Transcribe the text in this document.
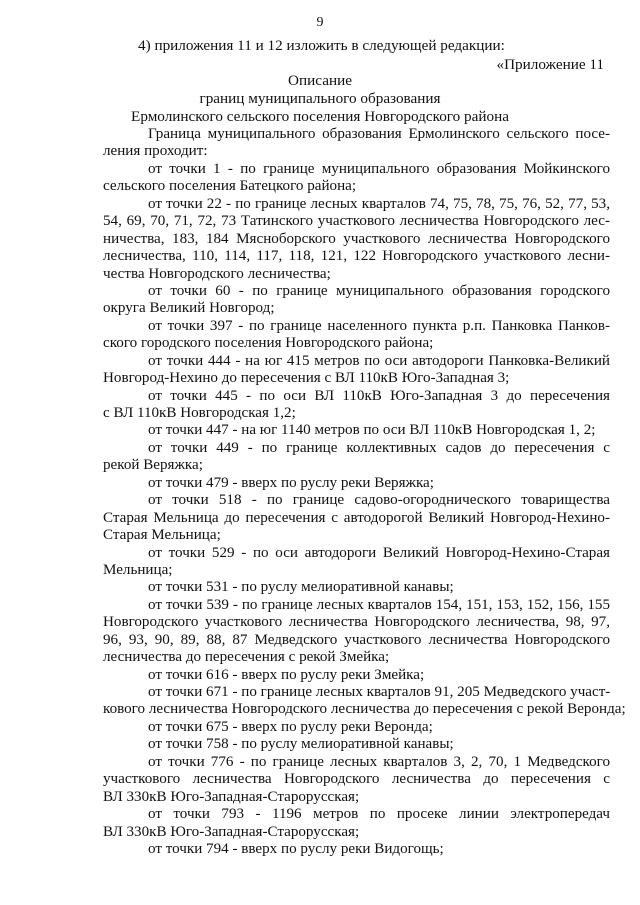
9
4) приложения 11 и 12 изложить в следующей редакции:
«Приложение 11
Описание
границ муниципального образования
Ермолинского сельского поселения Новгородского района
Граница муниципального образования Ермолинского сельского посе-
ления проходит:
от точки 1 - по границе муниципального образования Мойкинского
сельского поселения Батецкого района;
от точки 22 - по границе лесных кварталов 74, 75, 78, 75, 76, 52, 77, 53,
54, 69, 70, 71, 72, 73 Татинского участкового лесничества Новгородского лес-
ничества, 183, 184 Мясноборского участкового лесничества Новгородского
лесничества, 110, 114, 117, 118, 121, 122 Новгородского участкового лесни-
чества Новгородского лесничества;
от точки 60 - по границе муниципального образования городского
округа Великий Новгород;
от точки 397 - по границе населенного пункта р.п. Панковка Панков-
ского городского поселения Новгородского района;
от точки 444 - на юг 415 метров по оси автодороги Панковка-Великий
Новгород-Нехино до пересечения с ВЛ 110кВ Юго-Западная 3;
от точки 445 - по оси ВЛ 110кВ Юго-Западная 3 до пересечения
с ВЛ 110кВ Новгородская 1,2;
от точки 447 - на юг 1140 метров по оси ВЛ 110кВ Новгородская 1, 2;
от точки 449 - по границе коллективных садов до пересечения с
рекой Веряжка;
от точки 479 - вверх по руслу реки Веряжка;
от точки 518 - по границе садово-огороднического товарищества
Старая Мельница до пересечения с автодорогой Великий Новгород-Нехино-
Старая Мельница;
от точки 529 - по оси автодороги Великий Новгород-Нехино-Старая
Мельница;
от точки 531 - по руслу мелиоративной канавы;
от точки 539 - по границе лесных кварталов 154, 151, 153, 152, 156, 155
Новгородского участкового лесничества Новгородского лесничества, 98, 97,
96, 93, 90, 89, 88, 87 Медведского участкового лесничества Новгородского
лесничества до пересечения с рекой Змейка;
от точки 616 - вверх по руслу реки Змейка;
от точки 671 - по границе лесных кварталов 91, 205 Медведского участ-
кового лесничества Новгородского лесничества до пересечения с рекой Веронда;
от точки 675 - вверх по руслу реки Веронда;
от точки 758 - по руслу мелиоративной канавы;
от точки 776 - по границе лесных кварталов 3, 2, 70, 1 Медведского
участкового лесничества Новгородского лесничества до пересечения с
ВЛ 330кВ Юго-Западная-Старорусская;
от точки 793 - 1196 метров по просеке линии электропередач
ВЛ 330кВ Юго-Западная-Старорусская;
от точки 794 - вверх по руслу реки Видогощь;
